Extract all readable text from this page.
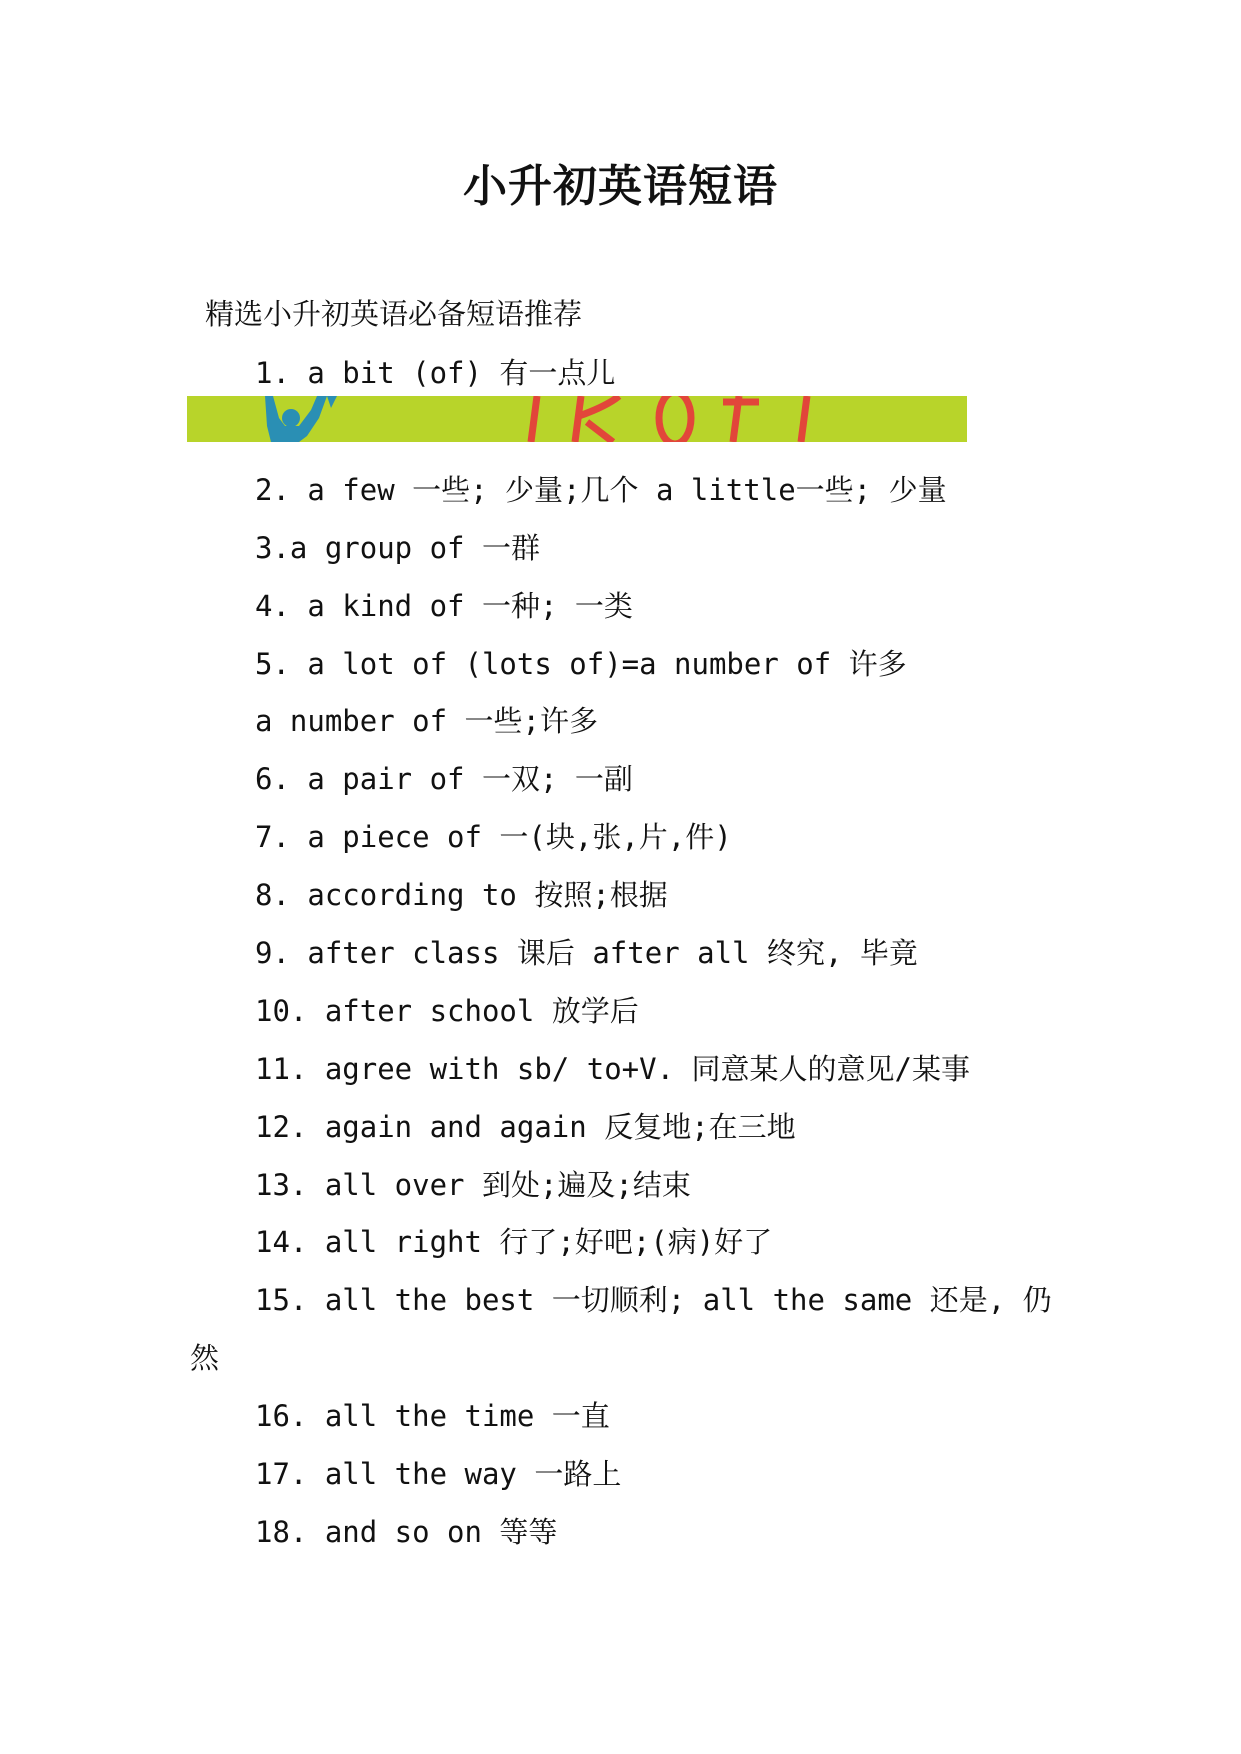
小升初英语短语
精选小升初英语必备短语推荐
1. a bit (of) 有一点儿
2. a few 一些; 少量;几个 a little一些; 少量
3.a group of 一群
4. a kind of 一种; 一类
5. a lot of (lots of)=a number of 许多
a number of 一些;许多
6. a pair of 一双; 一副
7. a piece of 一(块,张,片,件)
8. according to 按照;根据
9. after class 课后 after all 终究, 毕竟
10. after school 放学后
11. agree with sb/ to+V. 同意某人的意见/某事
12. again and again 反复地;在三地
13. all over 到处;遍及;结束
14. all right 行了;好吧;(病)好了
15. all the best 一切顺利; all the same 还是, 仍
然
16. all the time 一直
17. all the way 一路上
18. and so on 等等
